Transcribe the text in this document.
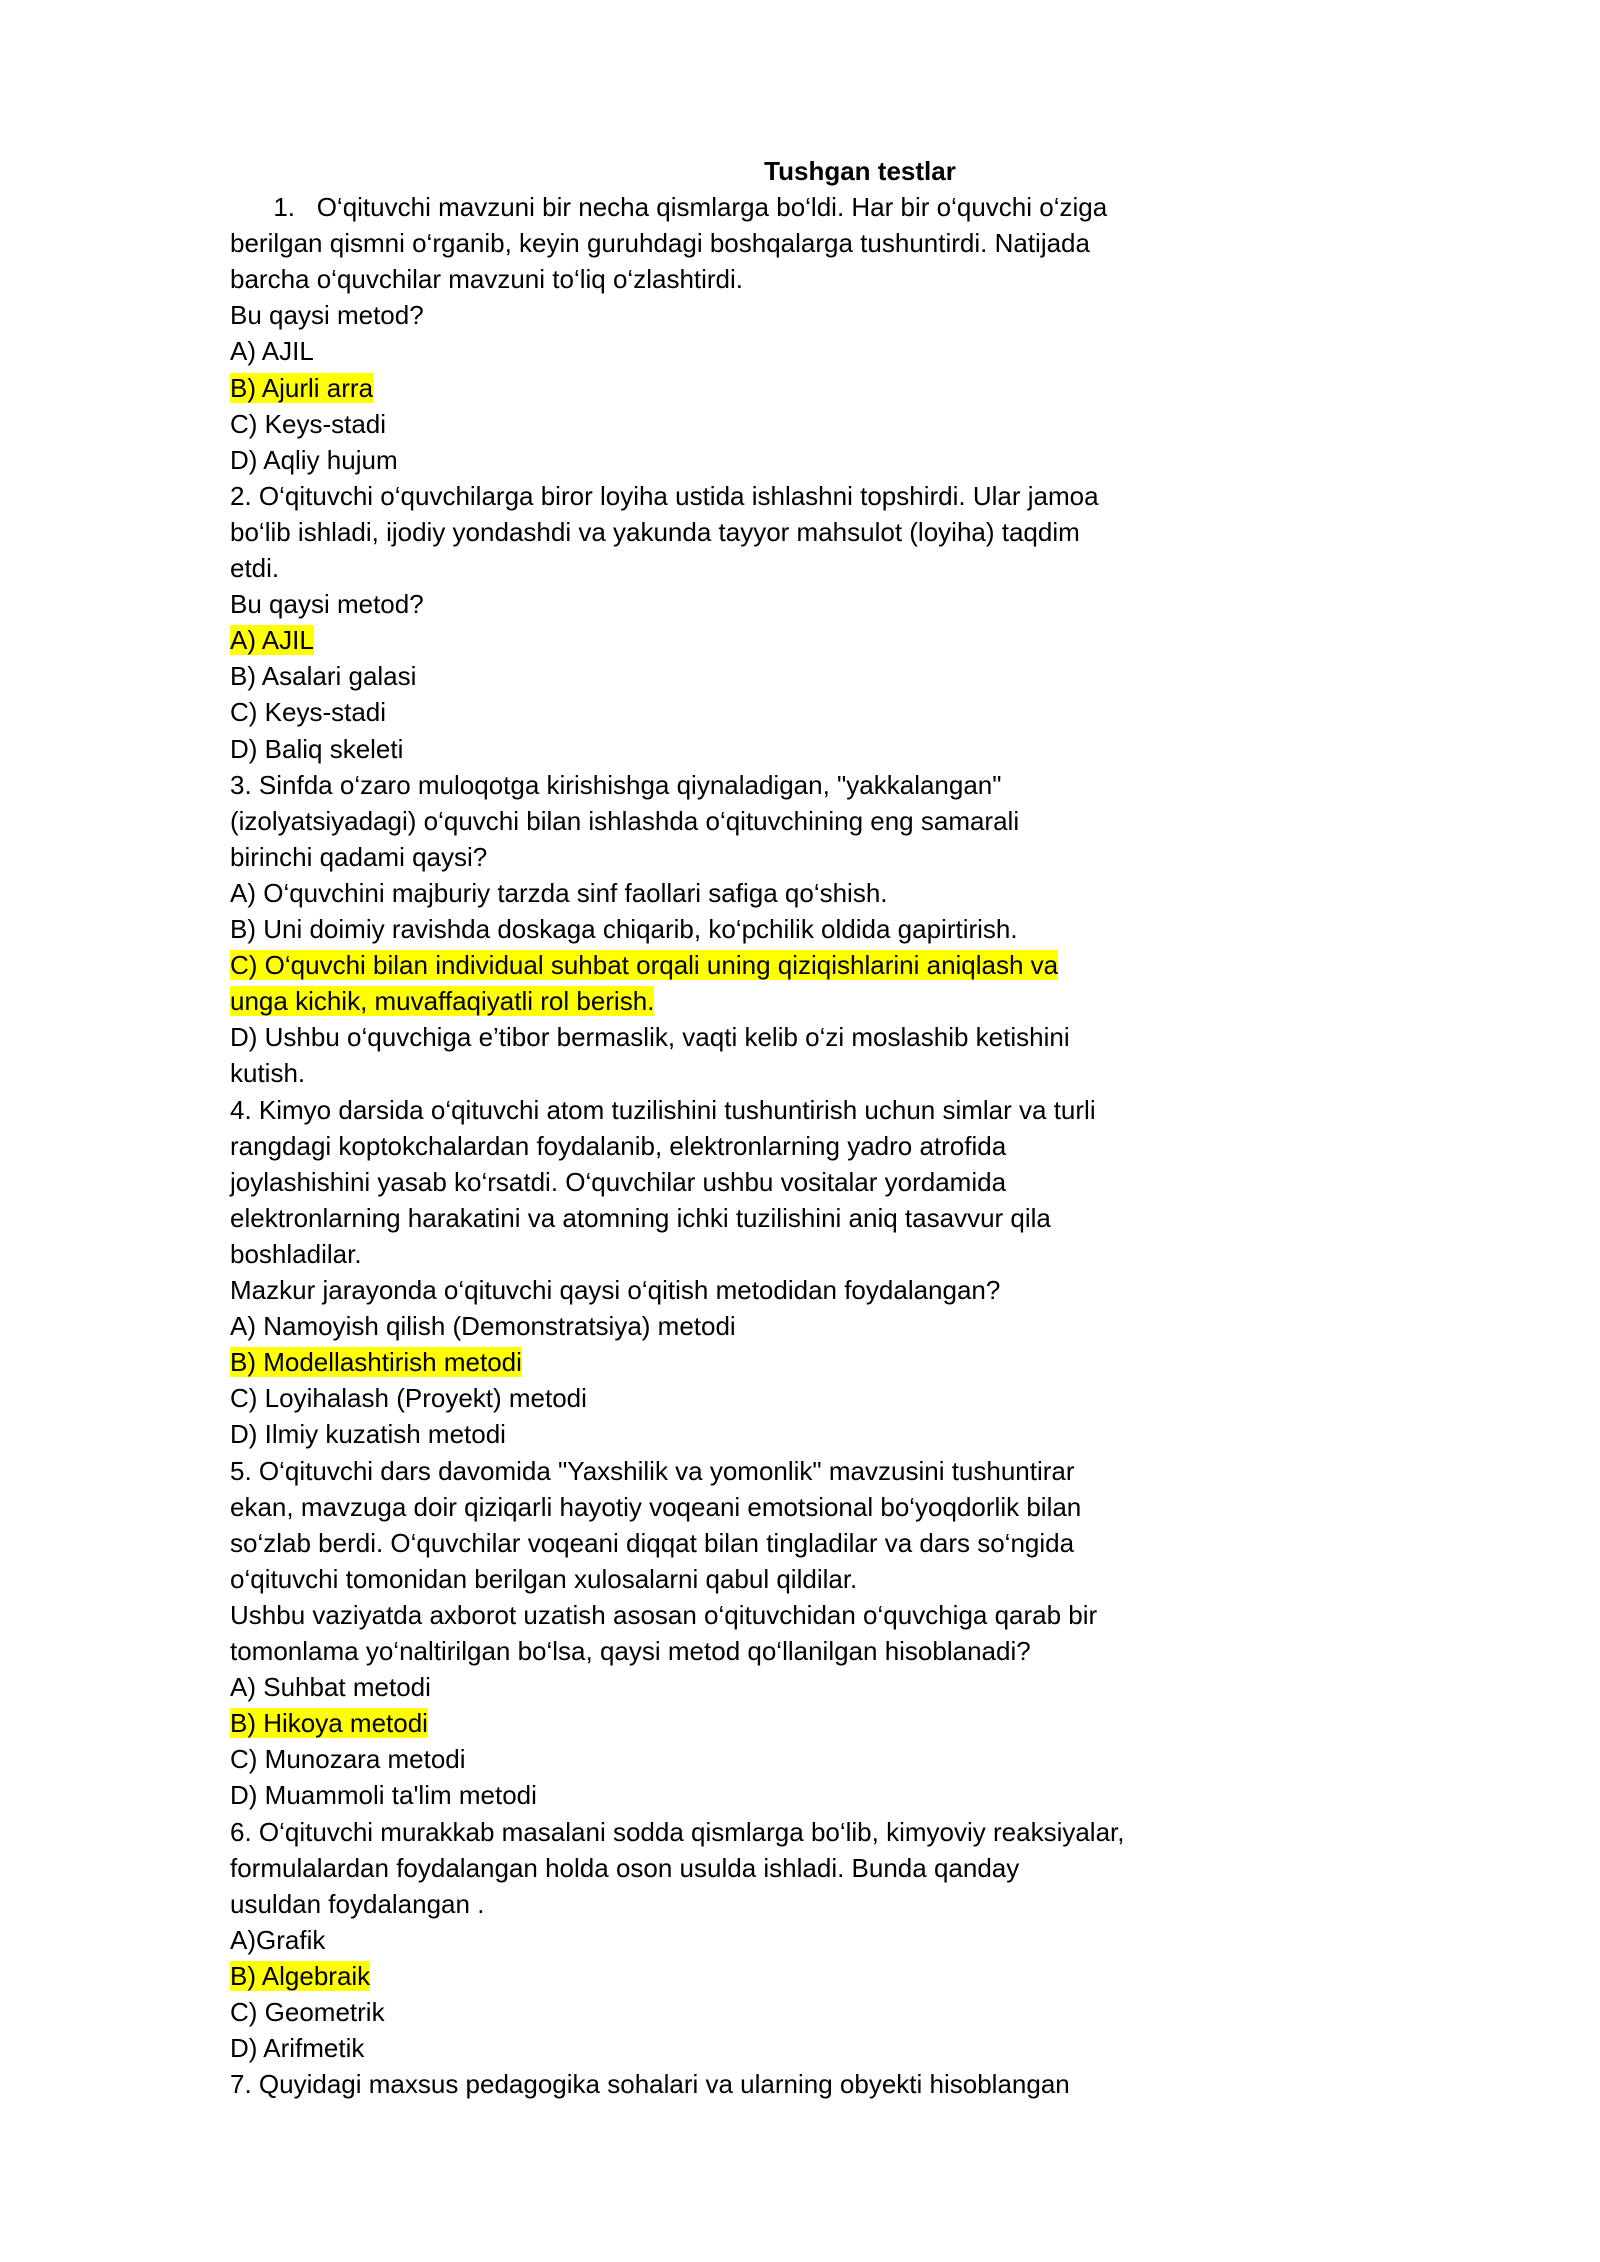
Tushgan testlar
1.   O‘qituvchi mavzuni bir necha qismlarga bo‘ldi. Har bir o‘quvchi o‘ziga
berilgan qismni o‘rganib, keyin guruhdagi boshqalarga tushuntirdi. Natijada
barcha o‘quvchilar mavzuni to‘liq o‘zlashtirdi.
Bu qaysi metod?
A) AJIL
B) Ajurli arra
C) Keys-stadi
D) Aqliy hujum
2. O‘qituvchi o‘quvchilarga biror loyiha ustida ishlashni topshirdi. Ular jamoa
bo‘lib ishladi, ijodiy yondashdi va yakunda tayyor mahsulot (loyiha) taqdim
etdi.
Bu qaysi metod?
A) AJIL
B) Asalari galasi
C) Keys-stadi
D) Baliq skeleti
3. Sinfda o‘zaro muloqotga kirishishga qiynaladigan, "yakkalangan"
(izolyatsiyadagi) o‘quvchi bilan ishlashda o‘qituvchining eng samarali
birinchi qadami qaysi?
A) O‘quvchini majburiy tarzda sinf faollari safiga qo‘shish.
B) Uni doimiy ravishda doskaga chiqarib, ko‘pchilik oldida gapirtirish.
C) O‘quvchi bilan individual suhbat orqali uning qiziqishlarini aniqlash va
unga kichik, muvaffaqiyatli rol berish.
D) Ushbu o‘quvchiga e’tibor bermaslik, vaqti kelib o‘zi moslashib ketishini
kutish.
4. Kimyo darsida o‘qituvchi atom tuzilishini tushuntirish uchun simlar va turli
rangdagi koptokchalardan foydalanib, elektronlarning yadro atrofida
joylashishini yasab ko‘rsatdi. O‘quvchilar ushbu vositalar yordamida
elektronlarning harakatini va atomning ichki tuzilishini aniq tasavvur qila
boshladilar.
Mazkur jarayonda o‘qituvchi qaysi o‘qitish metodidan foydalangan?
A) Namoyish qilish (Demonstratsiya) metodi
B) Modellashtirish metodi
C) Loyihalash (Proyekt) metodi
D) Ilmiy kuzatish metodi
5. O‘qituvchi dars davomida "Yaxshilik va yomonlik" mavzusini tushuntirar
ekan, mavzuga doir qiziqarli hayotiy voqeani emotsional bo‘yoqdorlik bilan
so‘zlab berdi. O‘quvchilar voqeani diqqat bilan tingladilar va dars so‘ngida
o‘qituvchi tomonidan berilgan xulosalarni qabul qildilar.
Ushbu vaziyatda axborot uzatish asosan o‘qituvchidan o‘quvchiga qarab bir
tomonlama yo‘naltirilgan bo‘lsa, qaysi metod qo‘llanilgan hisoblanadi?
A) Suhbat metodi
B) Hikoya metodi
C) Munozara metodi
D) Muammoli ta'lim metodi
6. O‘qituvchi murakkab masalani sodda qismlarga bo‘lib, kimyoviy reaksiyalar,
formulalardan foydalangan holda oson usulda ishladi. Bunda qanday
usuldan foydalangan .
A)Grafik
B) Algebraik
C) Geometrik
D) Arifmetik
7. Quyidagi maxsus pedagogika sohalari va ularning obyekti hisoblangan
